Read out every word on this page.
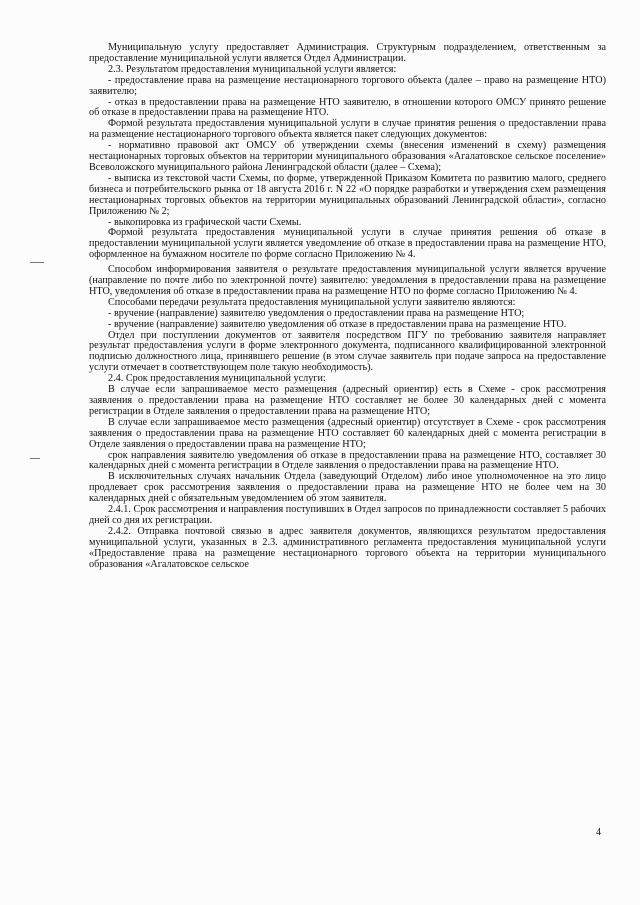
Муниципальную услугу предоставляет Администрация. Структурным подразделением, ответственным за предоставление муниципальной услуги является Отдел Администрации.

2.3. Результатом предоставления муниципальной услуги является:

- предоставление права на размещение нестационарного торгового объекта (далее – право на размещение НТО) заявителю;

- отказ в предоставлении права на размещение НТО заявителю, в отношении которого ОМСУ принято решение об отказе в предоставлении права на размещение НТО.

Формой результата предоставления муниципальной услуги в случае принятия решения о предоставлении права на размещение нестационарного торгового объекта является пакет следующих документов:

- нормативно правовой акт ОМСУ об утверждении схемы (внесения изменений в схему) размещения нестационарных торговых объектов на территории муниципального образования «Агалатовское сельское поселение» Всеволожского муниципального района Ленинградской области (далее – Схема);

- выписка из текстовой части Схемы, по форме, утвержденной Приказом Комитета по развитию малого, среднего бизнеса и потребительского рынка от 18 августа 2016 г. N 22 «О порядке разработки и утверждения схем размещения нестационарных торговых объектов на территории муниципальных образований Ленинградской области», согласно Приложению № 2;

- выкопировка из графической части Схемы.

Формой результата предоставления муниципальной услуги в случае принятия решения об отказе в предоставлении муниципальной услуги является уведомление об отказе в предоставлении права на размещение НТО, оформленное на бумажном носителе по форме согласно Приложению № 4.

Способом информирования заявителя о результате предоставления муниципальной услуги является вручение (направление по почте либо по электронной почте) заявителю: уведомления в предоставлении права на размещение НТО, уведомления об отказе в предоставлении права на размещение НТО по форме согласно Приложению № 4.

Способами передачи результата предоставления муниципальной услуги заявителю являются:

- вручение (направление) заявителю уведомления о предоставлении права на размещение НТО;

- вручение (направление) заявителю уведомления об отказе в предоставлении права на размещение НТО.

Отдел при поступлении документов от заявителя посредством ПГУ по требованию заявителя направляет результат предоставления услуги в форме электронного документа, подписанного квалифицированной электронной подписью должностного лица, принявшего решение (в этом случае заявитель при подаче запроса на предоставление услуги отмечает в соответствующем поле такую необходимость).

2.4. Срок предоставления муниципальной услуги:

В случае если запрашиваемое место размещения (адресный ориентир) есть в Схеме - срок рассмотрения заявления о предоставлении права на размещение НТО составляет не более 30 календарных дней с момента регистрации в Отделе заявления о предоставлении права на размещение НТО;

В случае если запрашиваемое место размещения (адресный ориентир) отсутствует в Схеме - срок рассмотрения заявления о предоставлении права на размещение НТО составляет 60 календарных дней с момента регистрации в Отделе заявления о предоставлении права на размещение НТО;

срок направления заявителю уведомления об отказе в предоставлении права на размещение НТО, составляет 30 календарных дней с момента регистрации в Отделе заявления о предоставлении права на размещение НТО.

В исключительных случаях начальник Отдела (заведующий Отделом) либо иное уполномоченное на это лицо продлевает срок рассмотрения заявления о предоставлении права на размещение НТО не более чем на 30 календарных дней с обязательным уведомлением об этом заявителя.

2.4.1. Срок рассмотрения и направления поступивших в Отдел запросов по принадлежности составляет 5 рабочих дней со дня их регистрации.

2.4.2. Отправка почтовой связью в адрес заявителя документов, являющихся результатом предоставления муниципальной услуги, указанных в 2.3. административного регламента предоставления муниципальной услуги «Предоставление права на размещение нестационарного торгового объекта на территории муниципального образования «Агалатовское сельское

4
